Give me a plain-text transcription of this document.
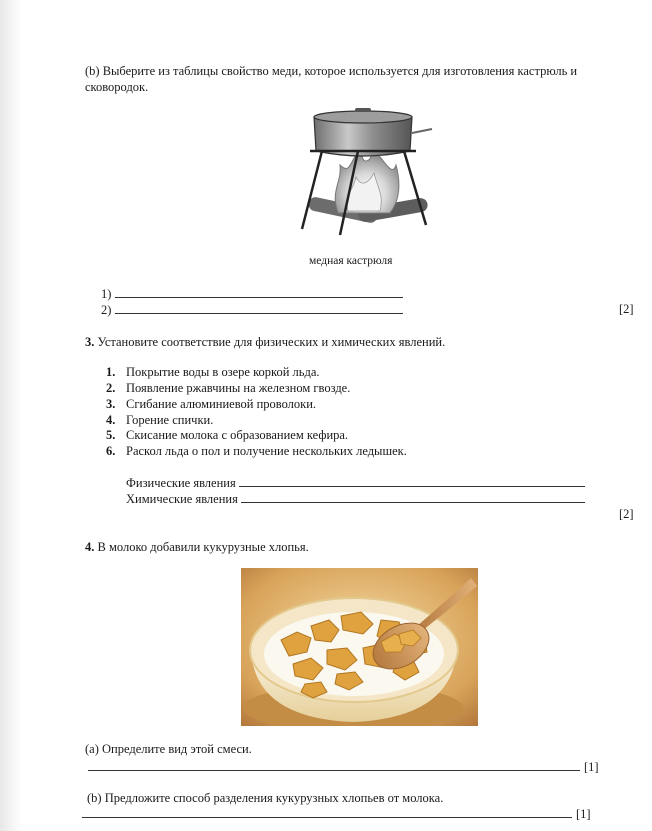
(b) Выберите из таблицы свойство меди, которое используется для изготовления кастрюль и
сковородок.
медная кастрюля
1)
2)	[2]
3. Установите соответствие для физических и химических явлений.
1. Покрытие воды в озере коркой льда.
2. Появление ржавчины на железном гвозде.
3. Сгибание алюминиевой проволоки.
4. Горение спички.
5. Скисание молока с образованием кефира.
6. Раскол льда о пол и получение нескольких ледышек.
Физические явления
Химические явления
[2]
4. В молоко добавили кукурузные хлопья.
(a) Определите вид этой смеси.
[1]
(b) Предложите способ разделения кукурузных хлопьев от молока.
[1]
